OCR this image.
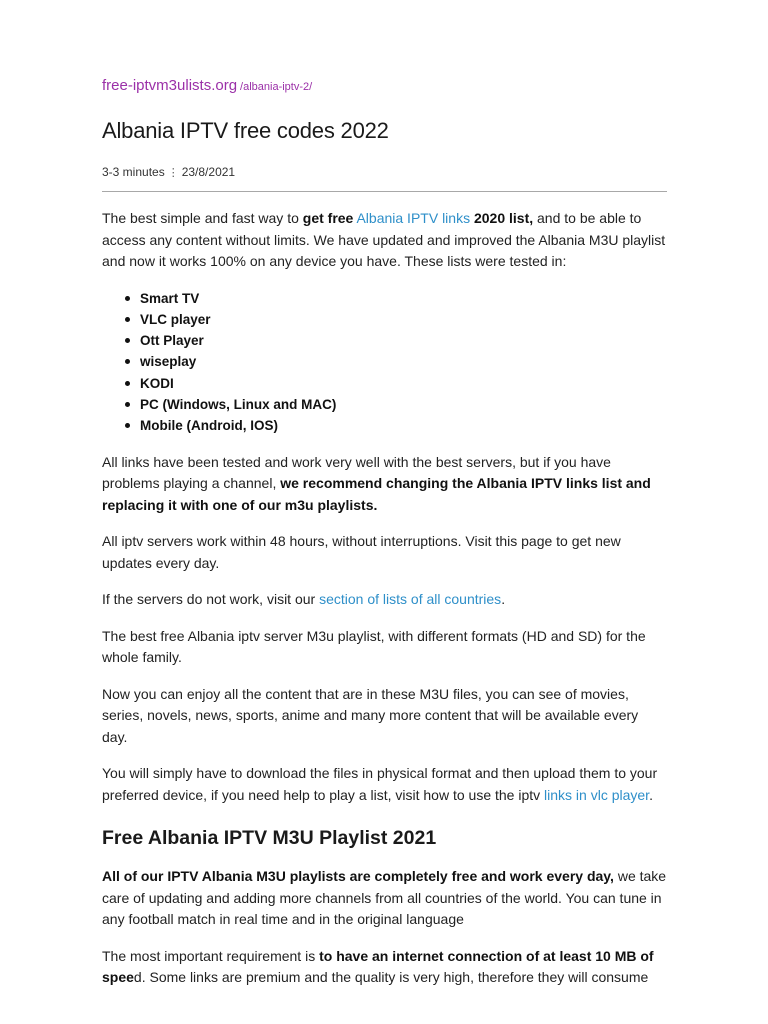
free-iptvm3ulists.org /albania-iptv-2/
Albania IPTV free codes 2022
3-3 minutes ⋮ 23/8/2021

The best simple and fast way to get free Albania IPTV links 2020 list, and to be able to access any content without limits. We have updated and improved the Albania M3U playlist and now it works 100% on any device you have. These lists were tested in:

Smart TV
VLC player
Ott Player
wiseplay
KODI
PC (Windows, Linux and MAC)
Mobile (Android, IOS)

All links have been tested and work very well with the best servers, but if you have problems playing a channel, we recommend changing the Albania IPTV links list and replacing it with one of our m3u playlists.

All iptv servers work within 48 hours, without interruptions. Visit this page to get new updates every day.

If the servers do not work, visit our section of lists of all countries.

The best free Albania iptv server M3u playlist, with different formats (HD and SD) for the whole family.

Now you can enjoy all the content that are in these M3U files, you can see of movies, series, novels, news, sports, anime and many more content that will be available every day.

You will simply have to download the files in physical format and then upload them to your preferred device, if you need help to play a list, visit how to use the iptv links in vlc player.

Free Albania IPTV M3U Playlist 2021

All of our IPTV Albania M3U playlists are completely free and work every day, we take care of updating and adding more channels from all countries of the world. You can tune in any football match in real time and in the original language

The most important requirement is to have an internet connection of at least 10 MB of speed. Some links are premium and the quality is very high, therefore they will consume
